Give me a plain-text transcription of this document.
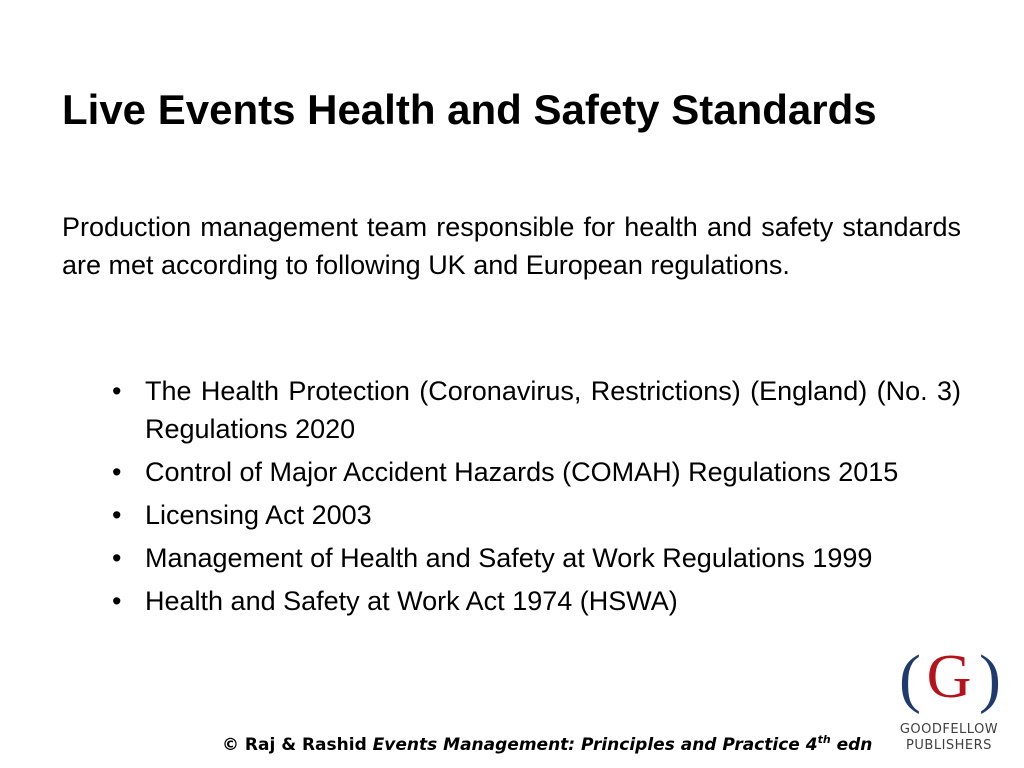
Live Events Health and Safety Standards

Production management team responsible for health and safety standards are met according to following UK and European regulations.

• The Health Protection (Coronavirus, Restrictions) (England) (No. 3) Regulations 2020
• Control of Major Accident Hazards (COMAH) Regulations 2015
• Licensing Act 2003
• Management of Health and Safety at Work Regulations 1999
• Health and Safety at Work Act 1974 (HSWA)
© Raj & Rashid Events Management: Principles and Practice 4th edn
( G )
GOODFELLOW
PUBLISHERS
